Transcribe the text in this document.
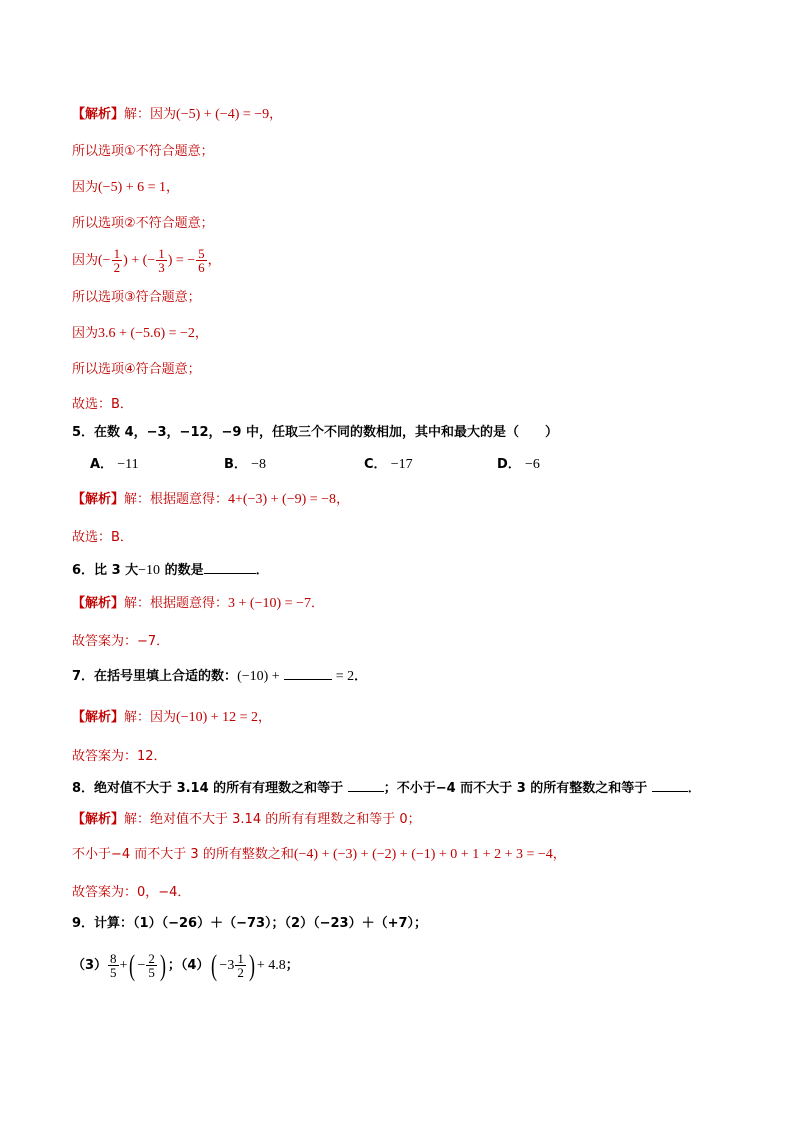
【解析】解：因为(−5) + (−4) = −9，
所以选项①不符合题意；
因为(−5) + 6 = 1，
所以选项②不符合题意；
因为(− $\frac{1}{2}$ ) + (− $\frac{1}{3}$ ) = − $\frac{5}{6}$ ，
所以选项③符合题意；
因为3.6 + (−5.6) = −2，
所以选项④符合题意；
故选：B．
5．在数 4，−3，−12，−9 中，任取三个不同的数相加，其中和最大的是（　　）
A． −11	B． −8	C． −17	D． −6
【解析】解：根据题意得：4+(−3) + (−9) = −8，
故选：B．
6．比 3 大−10 的数是	．
【解析】解：根据题意得：3 + (−10) = −7．
故答案为：−7．
7．在括号里填上合适的数：(−10) +	= 2．
【解析】解：因为(−10) + 12 = 2，
故答案为：12．
8．绝对值不大于 3.14 的所有有理数之和等于	；不小于−4 而不大于 3 的所有整数之和等于	．
【解析】解：绝对值不大于 3.14 的所有有理数之和等于 0；
不小于−4 而不大于 3 的所有整数之和(−4) + (−3) + (−2) + (−1) + 0 + 1 + 2 + 3 = −4，
故答案为：0，−4．
9．计算：（1）（−26）＋（−73）；（2）（−23）＋（+7）；
$(3) \frac{8}{5}$ +( − $\frac{2}{5}$ ) ；$(4)( -3 \frac{1}{2}$ ) + 4.8；
